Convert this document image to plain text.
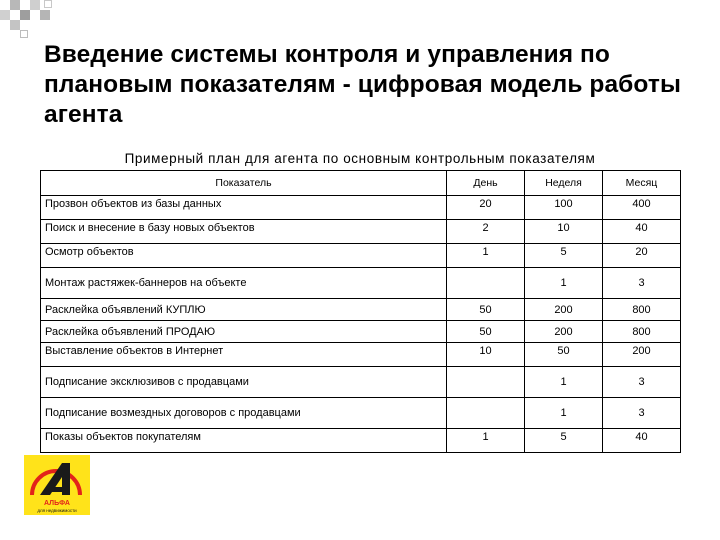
Введение системы контроля и управления по плановым показателям - цифровая модель работы агента
Примерный план для агента по основным контрольным показателям
Показатель	День	Неделя	Месяц
Прозвон объектов из базы данных	20	100	400
Поиск и внесение в базу новых объектов	2	10	40
Осмотр объектов	1	5	20
Монтаж растяжек-баннеров на объекте		1	3
Расклейка объявлений КУПЛЮ	50	200	800
Расклейка объявлений ПРОДАЮ	50	200	800
Выставление объектов в Интернет	10	50	200
Подписание эксклюзивов с продавцами		1	3
Подписание возмездных договоров с продавцами		1	3
Показы объектов покупателям	1	5	40
АЛЬФА
для недвижимости
